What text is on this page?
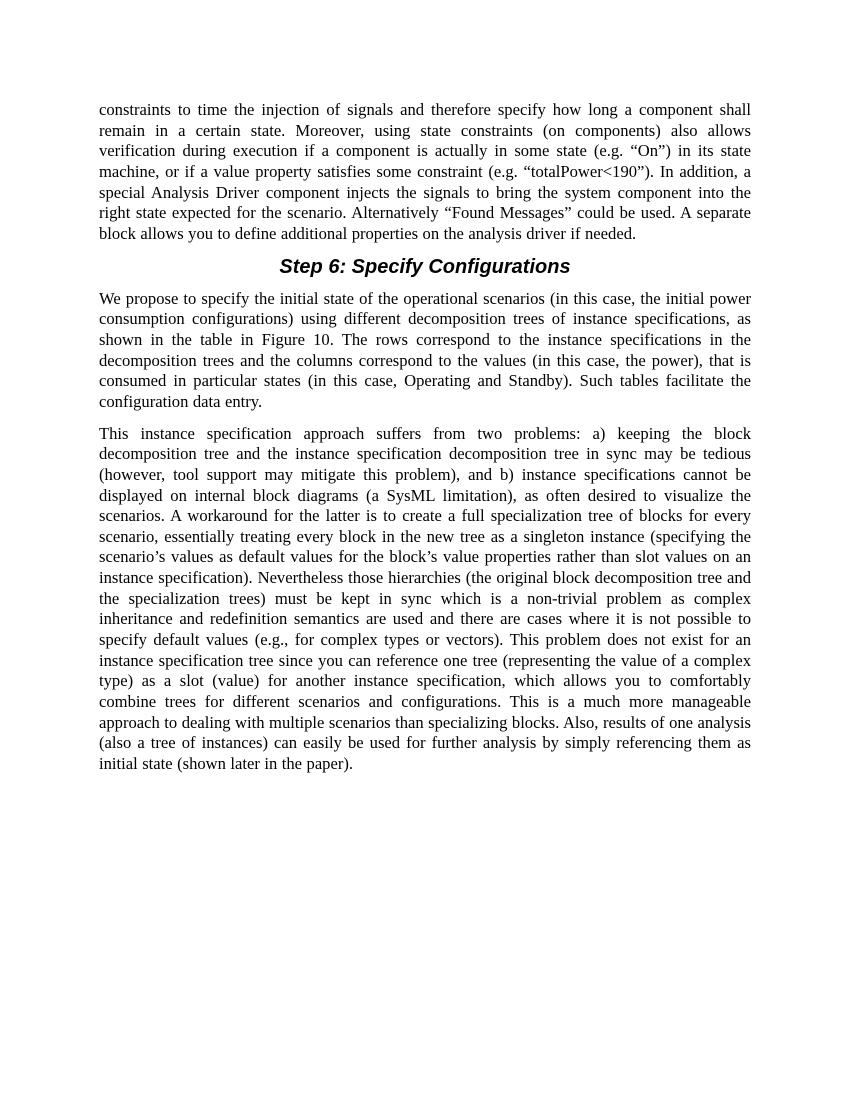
constraints to time the injection of signals and therefore specify how long a component shall remain in a certain state. Moreover, using state constraints (on components) also allows verification during execution if a component is actually in some state (e.g. “On”) in its state machine, or if a value property satisfies some constraint (e.g. “totalPower<190”). In addition, a special Analysis Driver component injects the signals to bring the system component into the right state expected for the scenario. Alternatively “Found Messages” could be used. A separate block allows you to define additional properties on the analysis driver if needed.

Step 6: Specify Configurations

We propose to specify the initial state of the operational scenarios (in this case, the initial power consumption configurations) using different decomposition trees of instance specifications, as shown in the table in Figure 10. The rows correspond to the instance specifications in the decomposition trees and the columns correspond to the values (in this case, the power), that is consumed in particular states (in this case, Operating and Standby). Such tables facilitate the configuration data entry.

This instance specification approach suffers from two problems: a) keeping the block decomposition tree and the instance specification decomposition tree in sync may be tedious (however, tool support may mitigate this problem), and b) instance specifications cannot be displayed on internal block diagrams (a SysML limitation), as often desired to visualize the scenarios. A workaround for the latter is to create a full specialization tree of blocks for every scenario, essentially treating every block in the new tree as a singleton instance (specifying the scenario’s values as default values for the block’s value properties rather than slot values on an instance specification). Nevertheless those hierarchies (the original block decomposition tree and the specialization trees) must be kept in sync which is a non-trivial problem as complex inheritance and redefinition semantics are used and there are cases where it is not possible to specify default values (e.g., for complex types or vectors). This problem does not exist for an instance specification tree since you can reference one tree (representing the value of a complex type) as a slot (value) for another instance specification, which allows you to comfortably combine trees for different scenarios and configurations. This is a much more manageable approach to dealing with multiple scenarios than specializing blocks. Also, results of one analysis (also a tree of instances) can easily be used for further analysis by simply referencing them as initial state (shown later in the paper).
